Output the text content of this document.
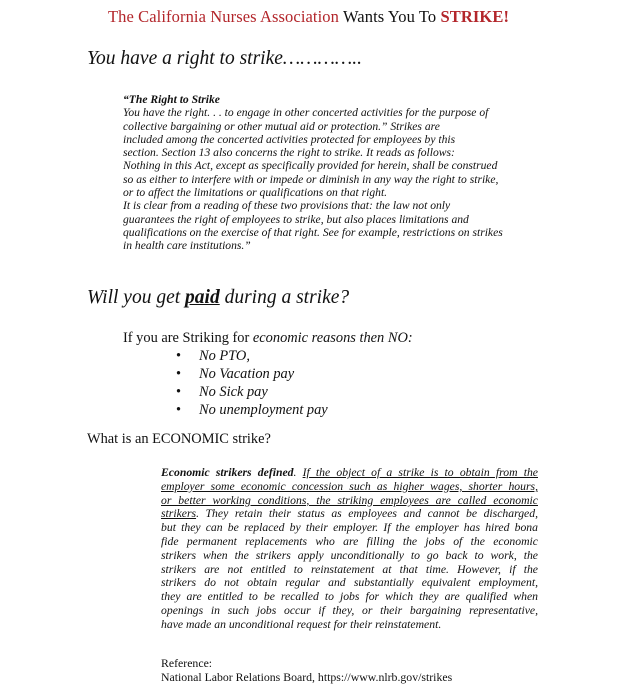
The California Nurses Association Wants You To STRIKE!
You have a right to strike…………..
“The Right to Strike
You have the right. . . to engage in other concerted activities for the purpose of
collective bargaining or other mutual aid or protection.” Strikes are
included among the concerted activities protected for employees by this
section. Section 13 also concerns the right to strike. It reads as follows:
Nothing in this Act, except as specifically provided for herein, shall be construed
so as either to interfere with or impede or diminish in any way the right to strike,
or to affect the limitations or qualifications on that right.
It is clear from a reading of these two provisions that: the law not only
guarantees the right of employees to strike, but also places limitations and
qualifications on the exercise of that right. See for example, restrictions on strikes
in health care institutions.”
Will you get paid during a strike?
If you are Striking for economic reasons then NO:
• No PTO,
• No Vacation pay
• No Sick pay
• No unemployment pay
What is an ECONOMIC strike?
Economic strikers defined. If the object of a strike is to obtain from the
employer some economic concession such as higher wages, shorter hours,
or better working conditions, the striking employees are called economic
strikers. They retain their status as employees and cannot be discharged,
but they can be replaced by their employer. If the employer has hired bona
fide permanent replacements who are filling the jobs of the economic
strikers when the strikers apply unconditionally to go back to work, the
strikers are not entitled to reinstatement at that time. However, if the
strikers do not obtain regular and substantially equivalent employment,
they are entitled to be recalled to jobs for which they are qualified when
openings in such jobs occur if they, or their bargaining representative,
have made an unconditional request for their reinstatement.
Reference:
National Labor Relations Board, https://www.nlrb.gov/strikes
